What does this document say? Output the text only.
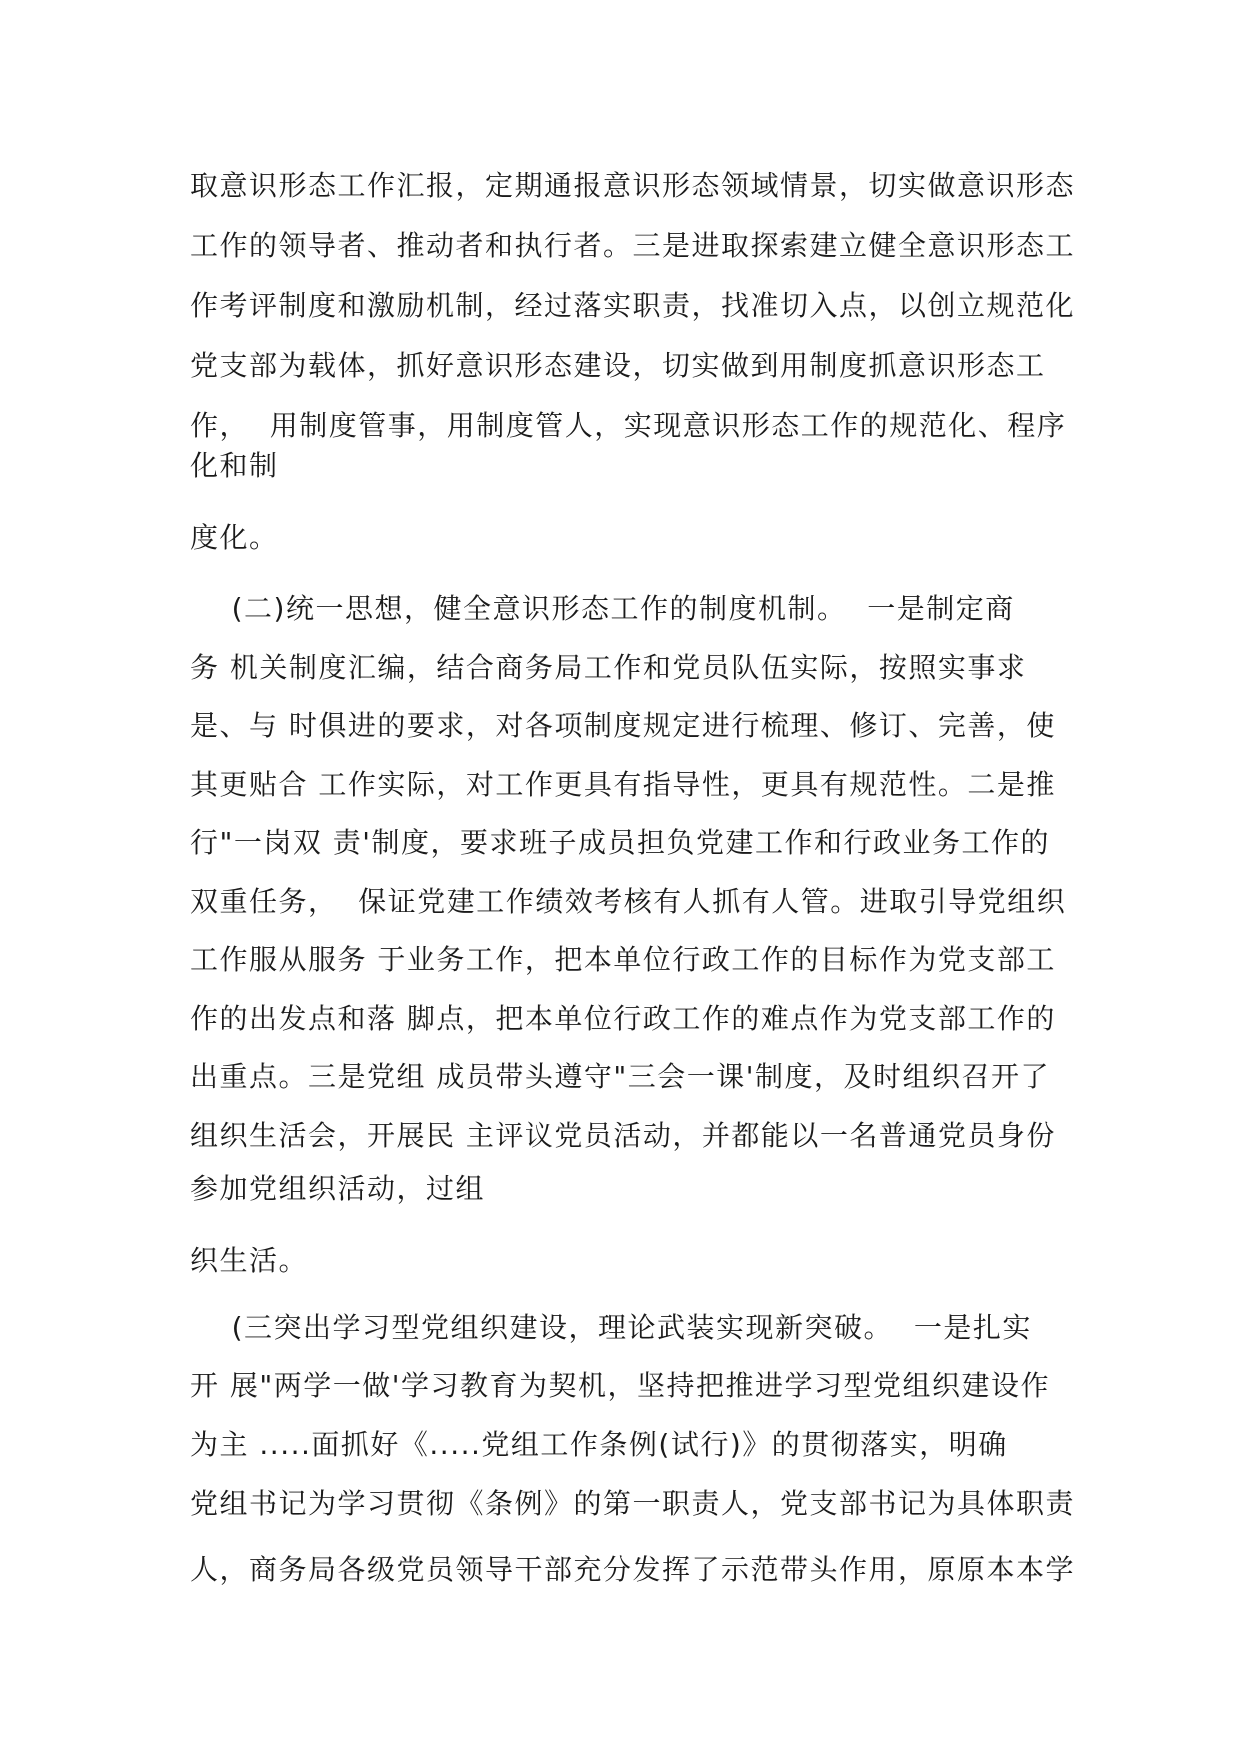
取意识形态工作汇报，定期通报意识形态领域情景，切实做意识形态
工作的领导者、推动者和执行者。三是进取探索建立健全意识形态工
作考评制度和激励机制，经过落实职责，找准切入点，以创立规范化
党支部为载体，抓好意识形态建设，切实做到用制度抓意识形态工
作，  用制度管事，用制度管人，实现意识形态工作的规范化、程序
化和制
度化。
(二)统一思想，健全意识形态工作的制度机制。  一是制定商
务 机关制度汇编，结合商务局工作和党员队伍实际，按照实事求
是、与 时俱进的要求，对各项制度规定进行梳理、修订、完善，使
其更贴合 工作实际，对工作更具有指导性，更具有规范性。二是推
行"一岗双 责'制度，要求班子成员担负党建工作和行政业务工作的
双重任务，  保证党建工作绩效考核有人抓有人管。进取引导党组织
工作服从服务 于业务工作，把本单位行政工作的目标作为党支部工
作的出发点和落 脚点，把本单位行政工作的难点作为党支部工作的
出重点。三是党组 成员带头遵守"三会一课'制度，及时组织召开了
组织生活会，开展民 主评议党员活动，并都能以一名普通党员身份
参加党组织活动，过组
织生活。
(三突出学习型党组织建设，理论武装实现新突破。  一是扎实
开 展"两学一做'学习教育为契机，坚持把推进学习型党组织建设作
为主 .....面抓好《.....党组工作条例(试行)》的贯彻落实，明确
党组书记为学习贯彻《条例》的第一职责人，党支部书记为具体职责
人，商务局各级党员领导干部充分发挥了示范带头作用，原原本本学
